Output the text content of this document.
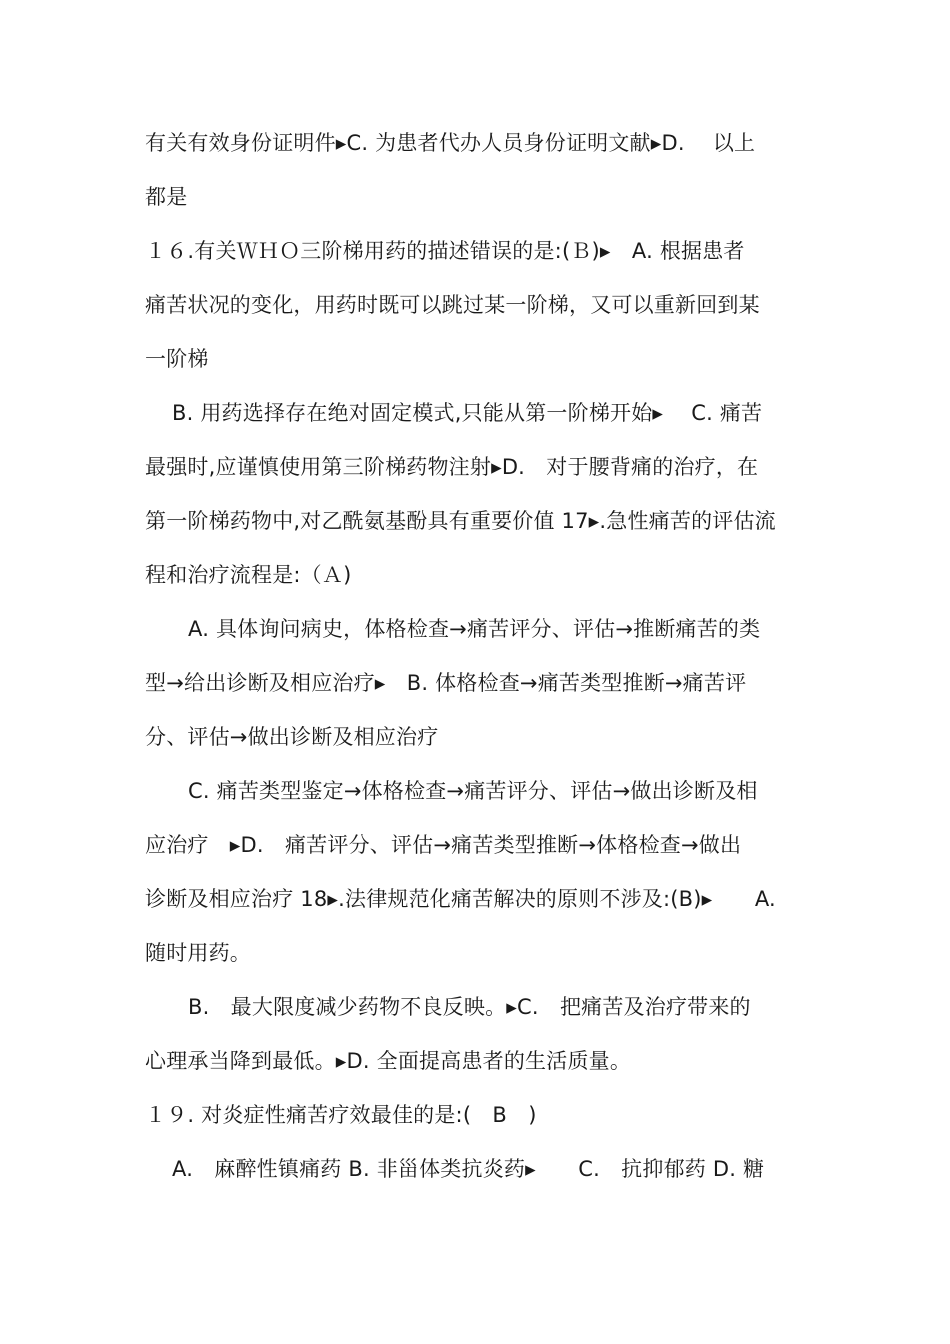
有关有效身份证明件▸C. 为患者代办人员身份证明文献▸D.　 以上
都是
１６.有关ＷＨＯ三阶梯用药的描述错误的是:(Ｂ)▸　A. 根据患者
痛苦状况的变化，用药时既可以跳过某一阶梯，又可以重新回到某
一阶梯
B. 用药选择存在绝对固定模式,只能从第一阶梯开始▸　 C. 痛苦
最强时,应谨慎使用第三阶梯药物注射▸D.　对于腰背痛的治疗，在
第一阶梯药物中,对乙酰氨基酚具有重要价值 17▸.急性痛苦的评估流
程和治疗流程是:（Ａ)
A. 具体询问病史，体格检查→痛苦评分、评估→推断痛苦的类
型→给出诊断及相应治疗▸　B. 体格检查→痛苦类型推断→痛苦评
分、评估→做出诊断及相应治疗
C. 痛苦类型鉴定→体格检查→痛苦评分、评估→做出诊断及相
应治疗　▸D.　痛苦评分、评估→痛苦类型推断→体格检查→做出
诊断及相应治疗 18▸.法律规范化痛苦解决的原则不涉及:(B)▸　　A.
随时用药。
B.　最大限度减少药物不良反映。▸C.　把痛苦及治疗带来的
心理承当降到最低。▸D. 全面提高患者的生活质量。
１９. 对炎症性痛苦疗效最佳的是:(　B　)
A.　麻醉性镇痛药 B. 非甾体类抗炎药▸　　C.　抗抑郁药 D. 糖
